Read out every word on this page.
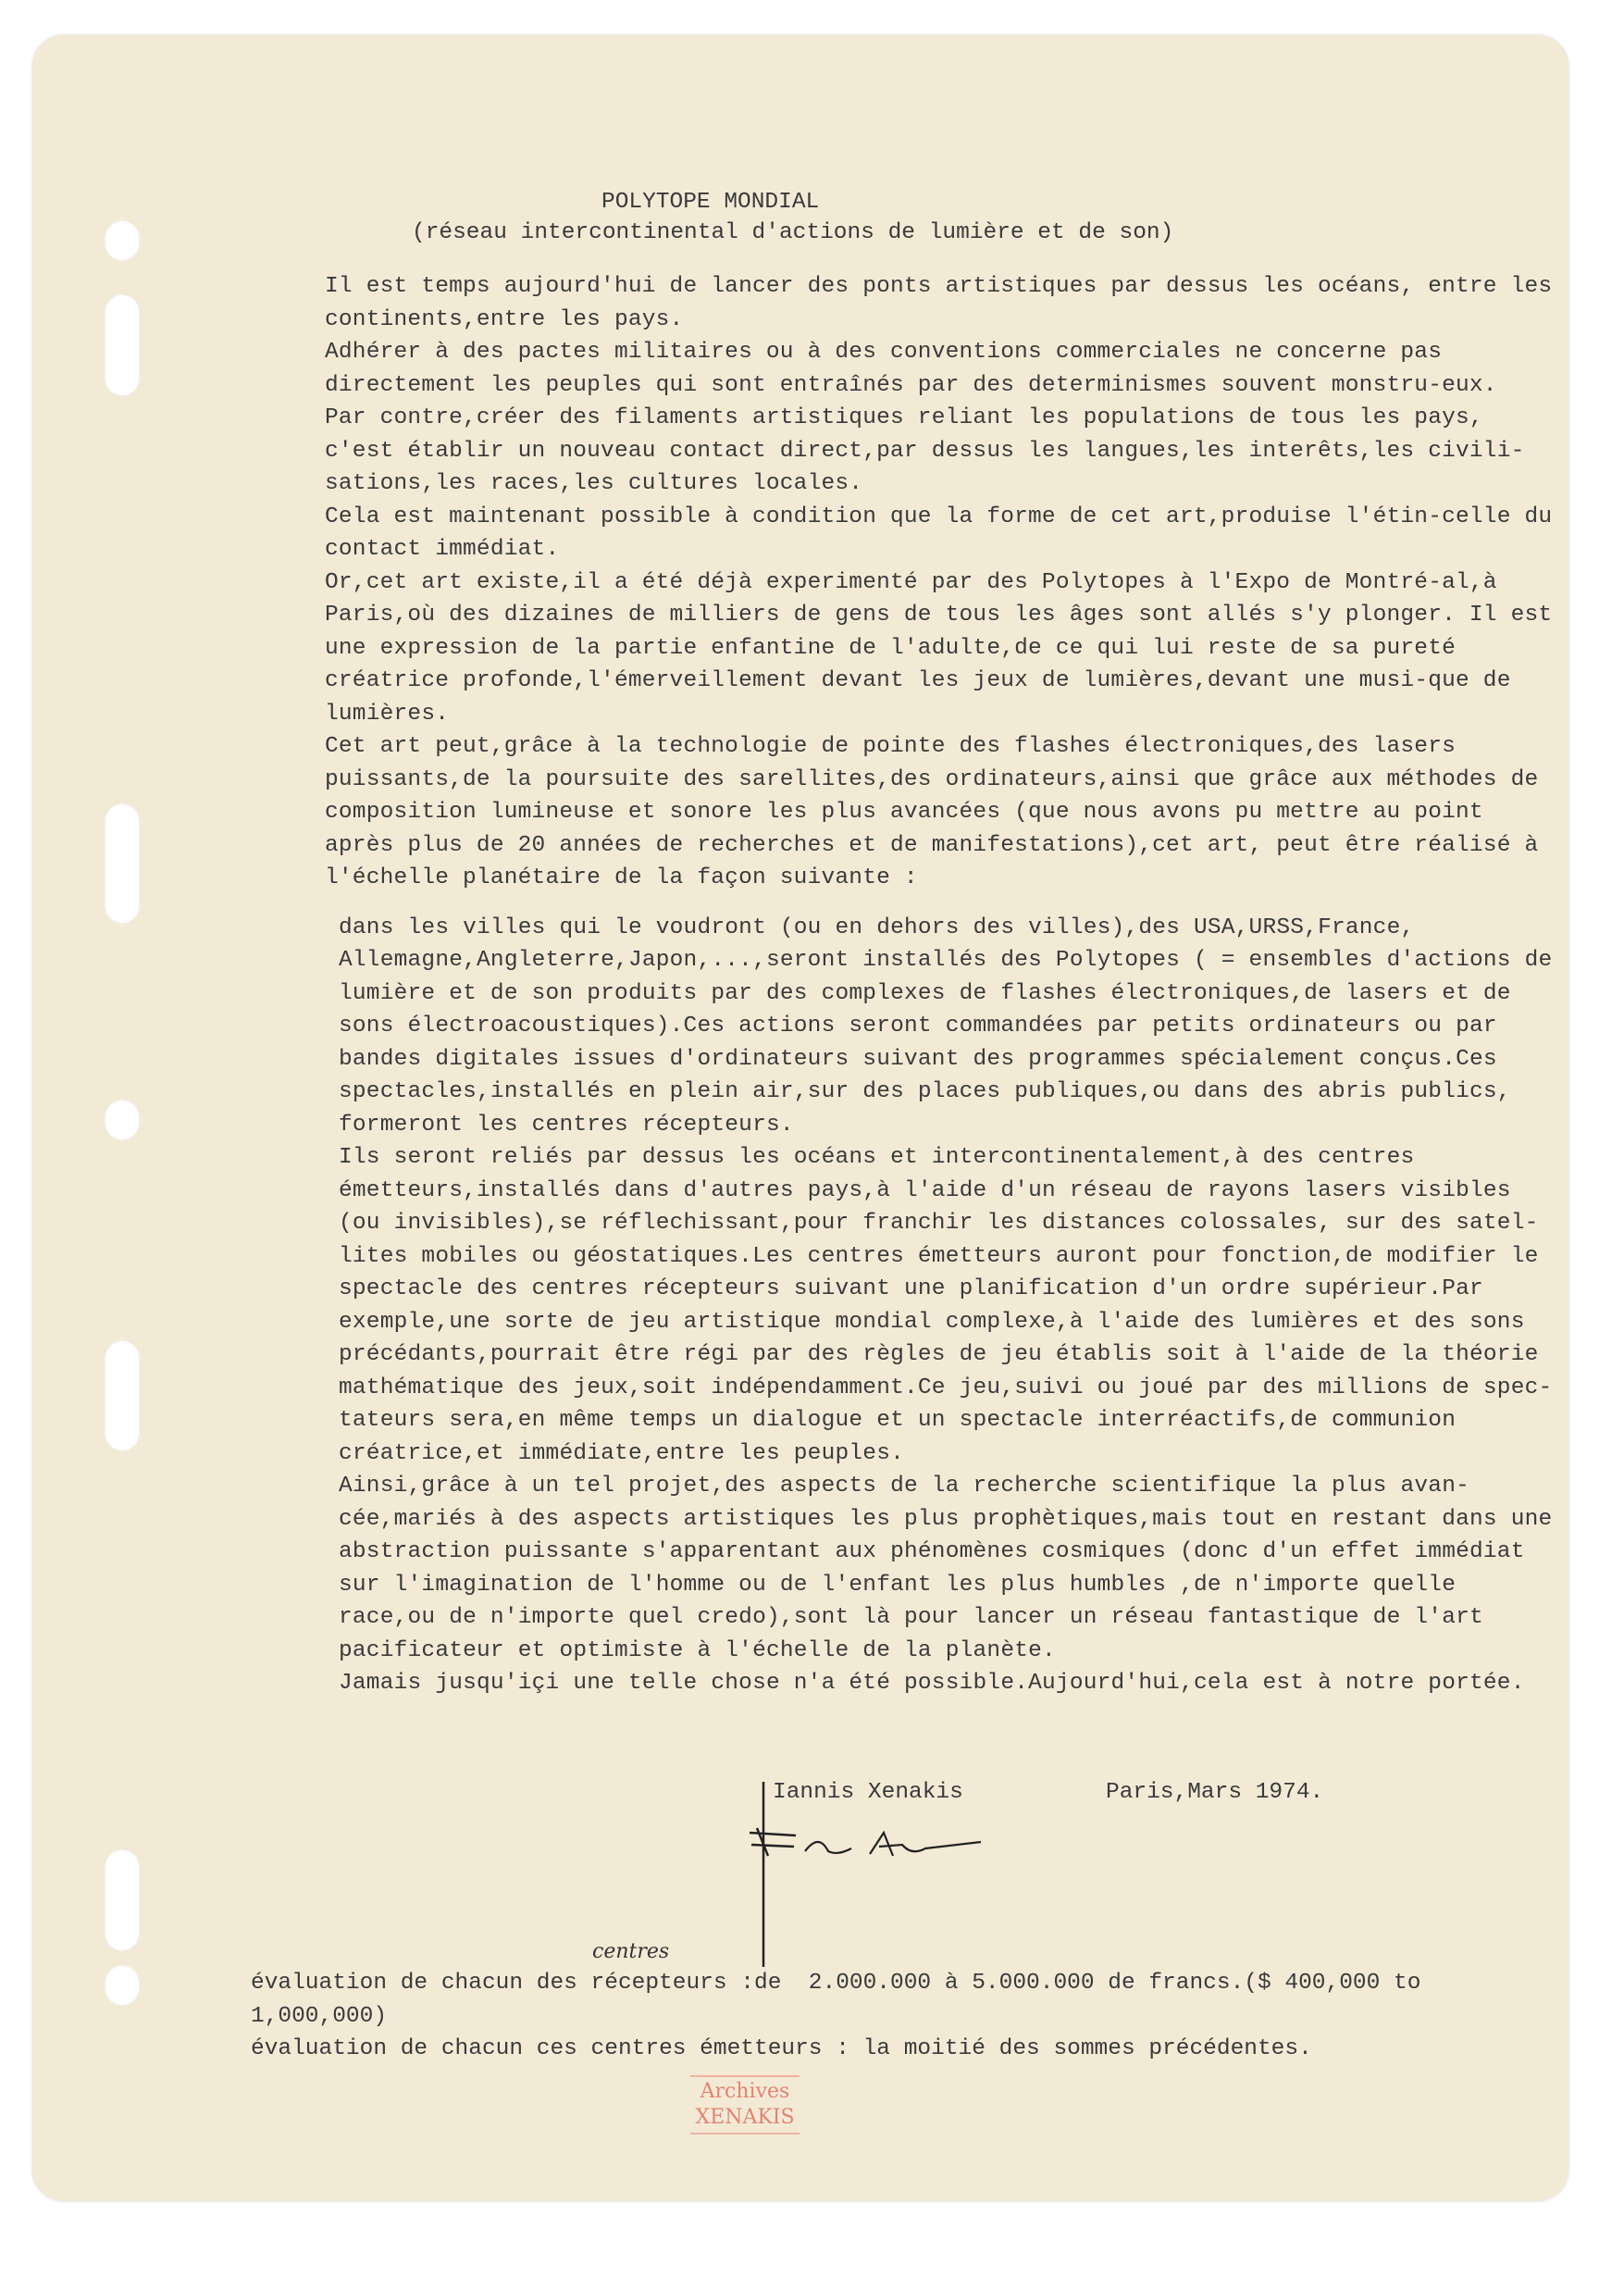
POLYTOPE MONDIAL
(réseau intercontinental d'actions de lumière et de son)

Il est temps aujourd'hui de lancer des ponts artistiques par dessus les océans, entre les continents,entre les pays.

Adhérer à des pactes militaires ou à des conventions commerciales ne concerne pas directement les peuples qui sont entraînés par des determinismes souvent monstru-eux.

Par contre,créer des filaments artistiques reliant les populations de tous les pays, c'est établir un nouveau contact direct,par dessus les langues,les interêts,les civili-sations,les races,les cultures locales.

Cela est maintenant possible à condition que la forme de cet art,produise l'étin-celle du contact immédiat.

Or,cet art existe,il a été déjà experimenté par des Polytopes à l'Expo de Montré-al,à Paris,où des dizaines de milliers de gens de tous les âges sont allés s'y plonger. Il est une expression de la partie enfantine de l'adulte,de ce qui lui reste de sa pureté créatrice profonde,l'émerveillement devant les jeux de lumières,devant une musi-que de lumières.

Cet art peut,grâce à la technologie de pointe des flashes électroniques,des lasers puissants,de la poursuite des sarellites,des ordinateurs,ainsi que grâce aux méthodes de composition lumineuse et sonore les plus avancées (que nous avons pu mettre au point après plus de 20 années de recherches et de manifestations),cet art, peut être réalisé à l'échelle planétaire de la façon suivante :

dans les villes qui le voudront (ou en dehors des villes),des USA,URSS,France, Allemagne,Angleterre,Japon,...,seront installés des Polytopes ( = ensembles d'actions de lumière et de son produits par des complexes de flashes électroniques,de lasers et de sons électroacoustiques).Ces actions seront commandées par petits ordinateurs ou par bandes digitales issues d'ordinateurs suivant des programmes spécialement conçus.Ces spectacles,installés en plein air,sur des places publiques,ou dans des abris publics, formeront les centres récepteurs.

Ils seront reliés par dessus les océans et intercontinentalement,à des centres émetteurs,installés dans d'autres pays,à l'aide d'un réseau de rayons lasers visibles (ou invisibles),se réflechissant,pour franchir les distances colossales, sur des satel-lites mobiles ou géostatiques.Les centres émetteurs auront pour fonction,de modifier le spectacle des centres récepteurs suivant une planification d'un ordre supérieur.Par exemple,une sorte de jeu artistique mondial complexe,à l'aide des lumières et des sons précédants,pourrait être régi par des règles de jeu établis soit à l'aide de la théorie mathématique des jeux,soit indépendamment.Ce jeu,suivi ou joué par des millions de spec-tateurs sera,en même temps un dialogue et un spectacle interréactifs,de communion créatrice,et immédiate,entre les peuples.

Ainsi,grâce à un tel projet,des aspects de la recherche scientifique la plus avan-cée,mariés à des aspects artistiques les plus prophètiques,mais tout en restant dans une abstraction puissante s'apparentant aux phénomènes cosmiques (donc d'un effet immédiat sur l'imagination de l'homme ou de l'enfant les plus humbles ,de n'importe quelle race,ou de n'importe quel credo),sont là pour lancer un réseau fantastique de l'art pacificateur et optimiste à l'échelle de la planète.

Jamais jusqu'içi une telle chose n'a été possible.Aujourd'hui,cela est à notre portée.

Iannis Xenakis	Paris,Mars 1974.
centres

évaluation de chacun des récepteurs :de  2.000.000 à 5.000.000 de francs.($ 400,000 to 1,000,000)

évaluation de chacun ces centres émetteurs : la moitié des sommes précédentes.

Archives
XENAKIS
